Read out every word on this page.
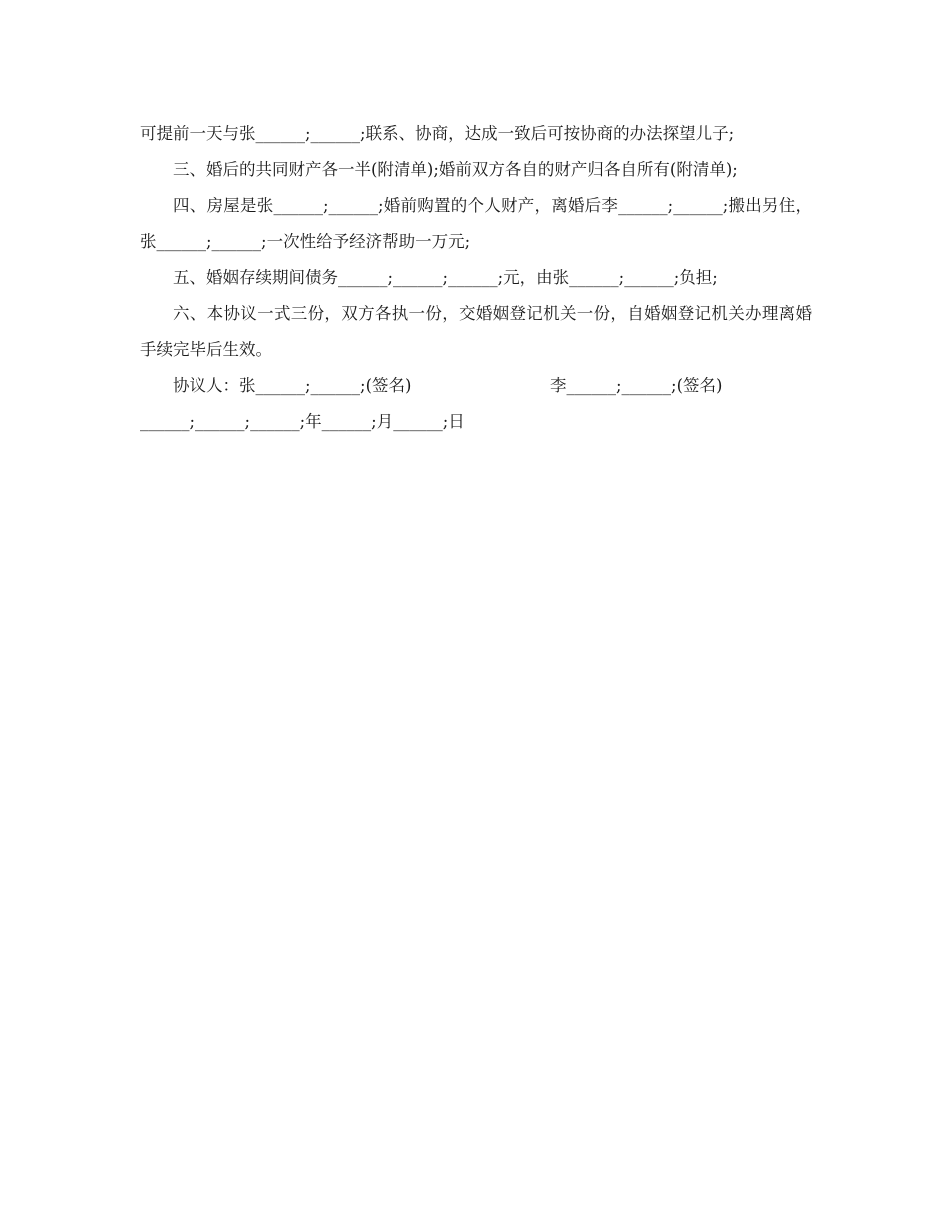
可提前一天与张______;______;联系、协商，达成一致后可按协商的办法探望儿子;

三、婚后的共同财产各一半(附清单);婚前双方各自的财产归各自所有(附清单);

四、房屋是张______;______;婚前购置的个人财产，离婚后李______;______;搬出另住，张______;______;一次性给予经济帮助一万元;

五、婚姻存续期间债务______;______;______;元，由张______;______;负担;

六、本协议一式三份，双方各执一份，交婚姻登记机关一份，自婚姻登记机关办理离婚手续完毕后生效。

协议人：张______;______;(签名)	李______;______;(签名)
______;______;______;年______;月______;日
